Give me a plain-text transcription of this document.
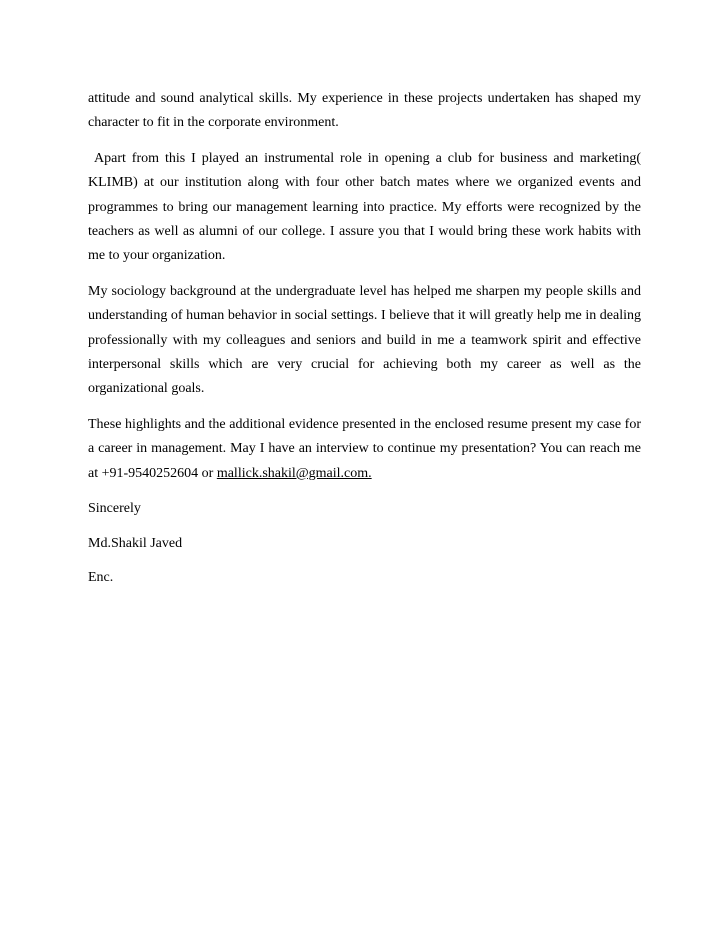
attitude and sound analytical skills. My experience in these projects undertaken has shaped my character to fit in the corporate environment.

Apart from this I played an instrumental role in opening a club for business and marketing( KLIMB) at our institution along with four other batch mates where we organized events and programmes to bring our management learning into practice. My efforts were recognized by the teachers as well as alumni of our college. I assure you that I would bring these work habits with me to your organization.

My sociology background at the undergraduate level has helped me sharpen my people skills and understanding of human behavior in social settings. I believe that it will greatly help me in dealing professionally with my colleagues and seniors and build in me a teamwork spirit and effective interpersonal skills which are very crucial for achieving both my career as well as the organizational goals.

These highlights and the additional evidence presented in the enclosed resume present my case for a career in management. May I have an interview to continue my presentation? You can reach me at +91-9540252604 or mallick.shakil@gmail.com.

Sincerely

Md.Shakil Javed

Enc.
